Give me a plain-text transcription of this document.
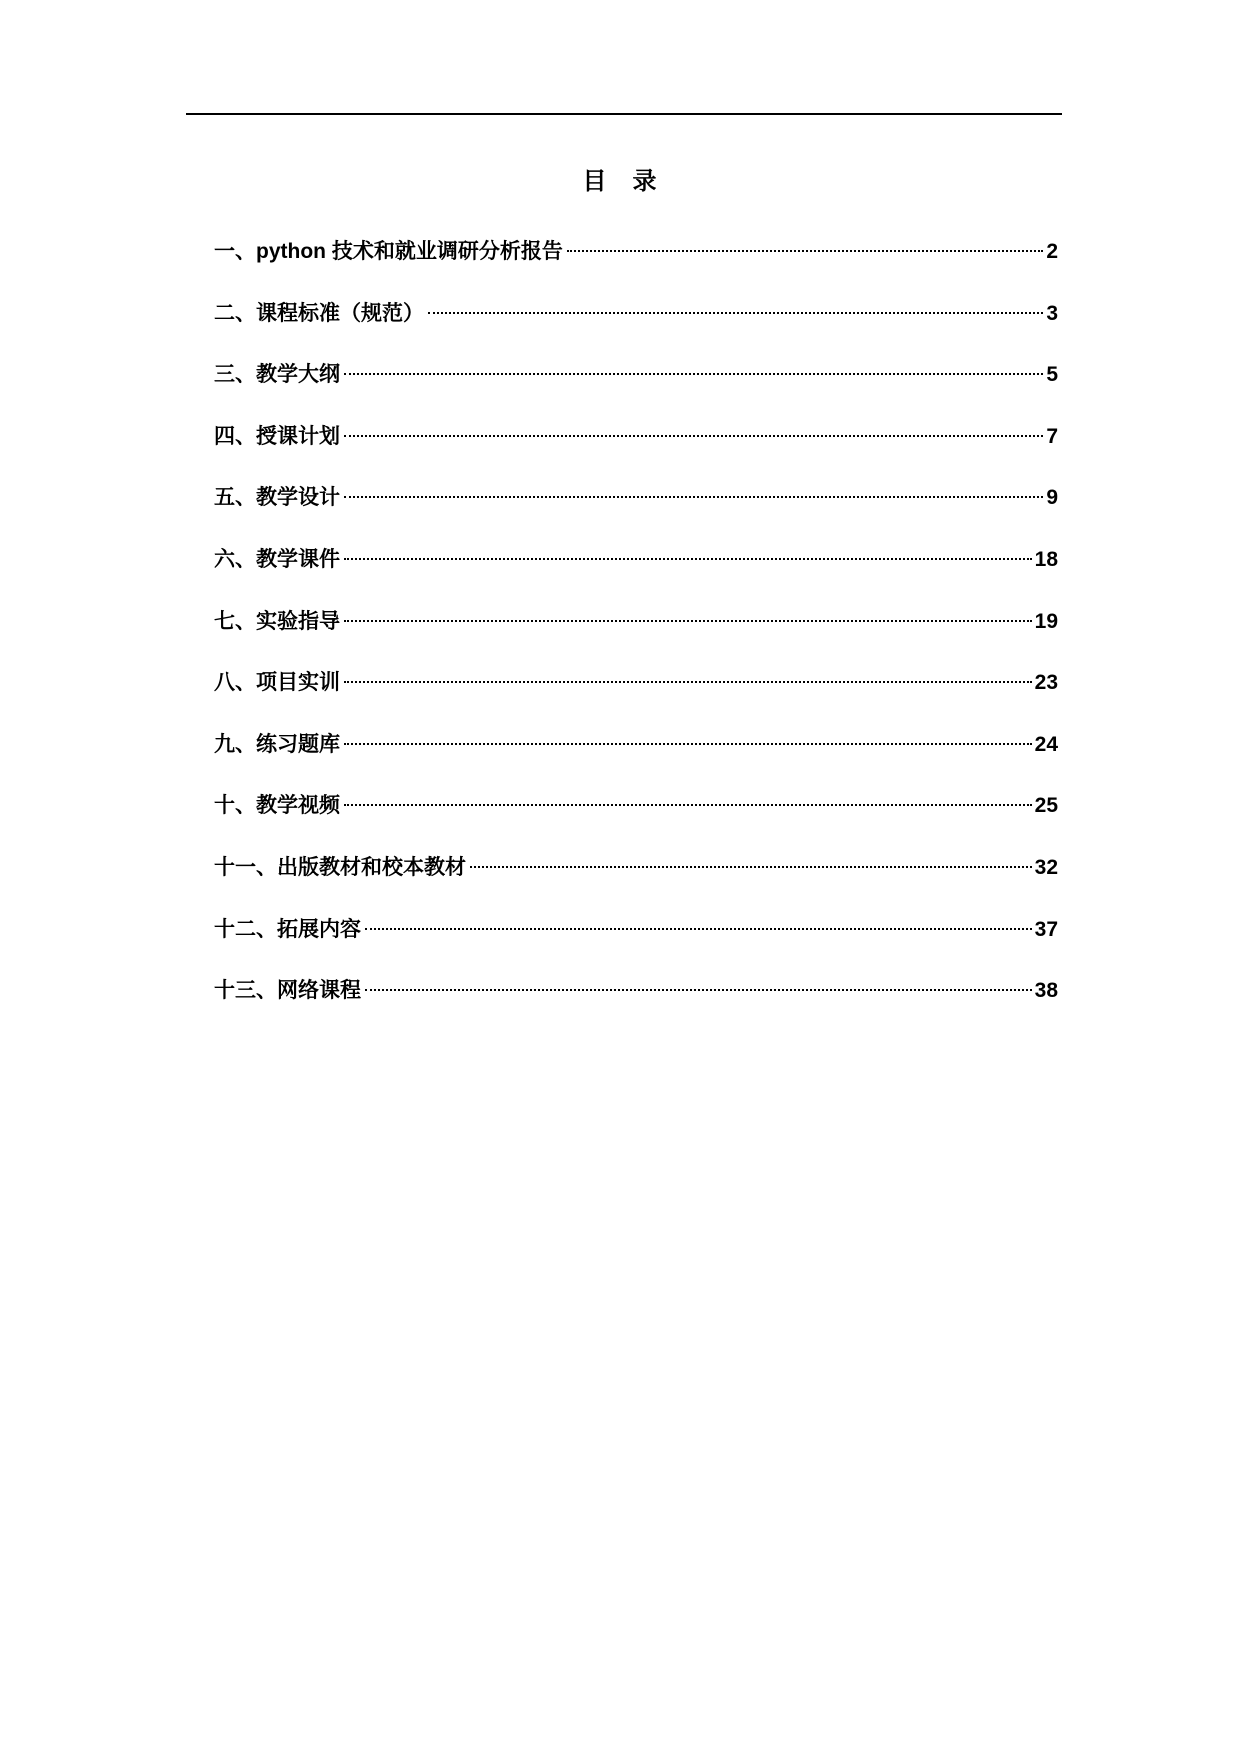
目　录
一、python 技术和就业调研分析报告	2
二、课程标准（规范）	3
三、教学大纲	5
四、授课计划	7
五、教学设计	9
六、教学课件	18
七、实验指导	19
八、项目实训	23
九、练习题库	24
十、教学视频	25
十一、出版教材和校本教材	32
十二、拓展内容	37
十三、网络课程	38
